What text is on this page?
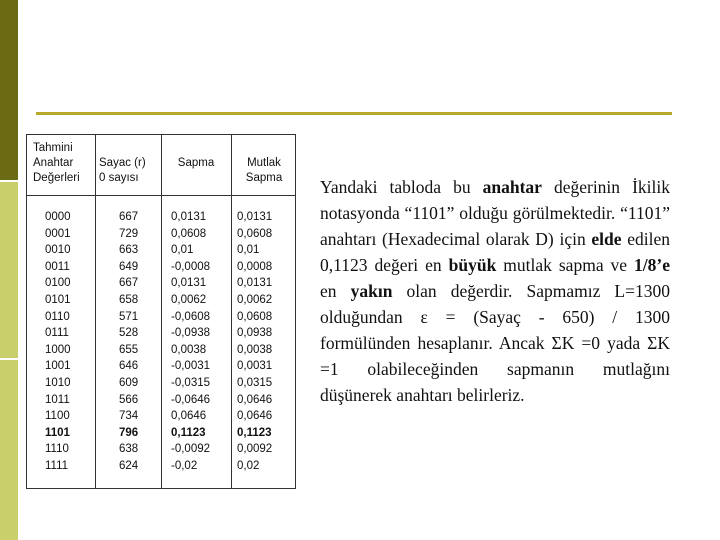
Tahmini
Anahtar
Değerleri
Sayac (r)
0 sayısı
Sapma	Mutlak
Sapma
0000
0001
0010
0011
0100
0101
0110
0111
1000
1001
1010
1011
1100
1101
1110
1111
667
729
663
649
667
658
571
528
655
646
609
566
734
796
638
624
0,0131
0,0608
0,01
-0,0008
0,0131
0,0062
-0,0608
-0,0938
0,0038
-0,0031
-0,0315
-0,0646
0,0646
0,1123
-0,0092
-0,02
0,0131
0,0608
0,01
0,0008
0,0131
0,0062
0,0608
0,0938
0,0038
0,0031
0,0315
0,0646
0,0646
0,1123
0,0092
0,02
Yandaki tabloda bu anahtar değerinin İkilik notasyonda “1101” olduğu görülmektedir. “1101” anahtarı (Hexadecimal olarak D) için elde edilen 0,1123 değeri en büyük mutlak sapma ve 1/8’e en yakın olan değerdir. Sapmamız L=1300 olduğundan ε = (Sayaç - 650) / 1300 formülünden hesaplanır. Ancak ΣK =0 yada ΣK =1 olabileceğinden sapmanın mutlağını düşünerek anahtarı belirleriz.
